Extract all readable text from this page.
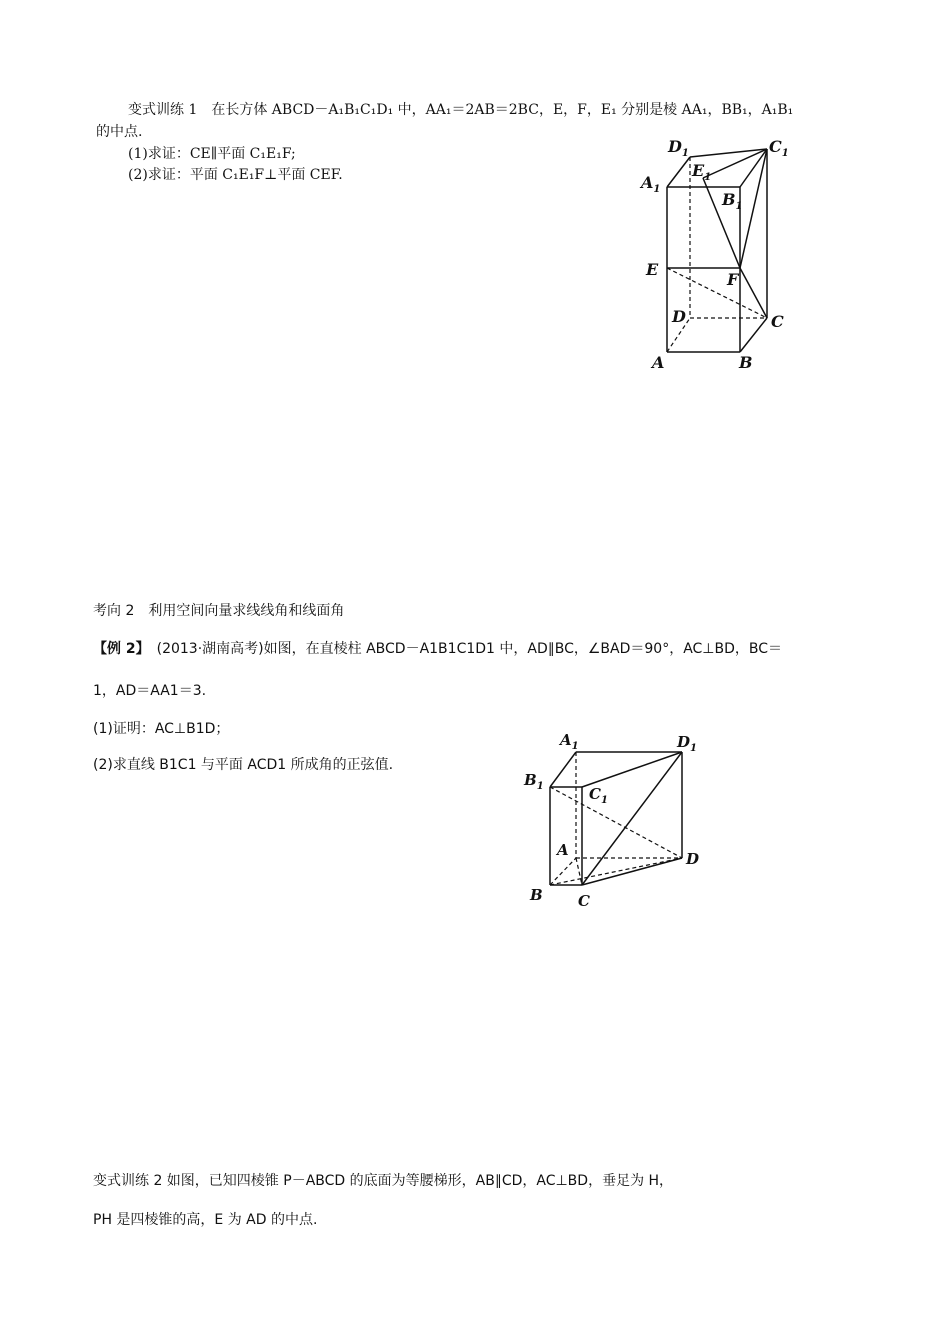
变式训练 1　在长方体 ABCD－A₁B₁C₁D₁ 中，AA₁＝2AB＝2BC，E，F，E₁ 分别是棱 AA₁，BB₁，A₁B₁
的中点.
(1)求证：CE∥平面 C₁E₁F;
(2)求证：平面 C₁E₁F⊥平面 CEF.
$D_1$	$C_1$
$A_1$
$E_1$
$B_1$
E
F
D	C
A	B
考向 2　利用空间向量求线线角和线面角
【例 2】　(2013·湖南高考)如图，在直棱柱 ABCD－A1B1C1D1 中，AD∥BC，∠BAD＝90°，AC⊥BD，BC＝
1，AD＝AA1＝3.
(1)证明：AC⊥B1D；
(2)求直线 B1C1 与平面 ACD1 所成角的正弦值.
$A_1$	$D_1$
$B_1$	$C_1$
A	D
B C
变式训练 2 如图，已知四棱锥 P－ABCD 的底面为等腰梯形，AB∥CD，AC⊥BD，垂足为 H，
PH 是四棱锥的高，E 为 AD 的中点.
